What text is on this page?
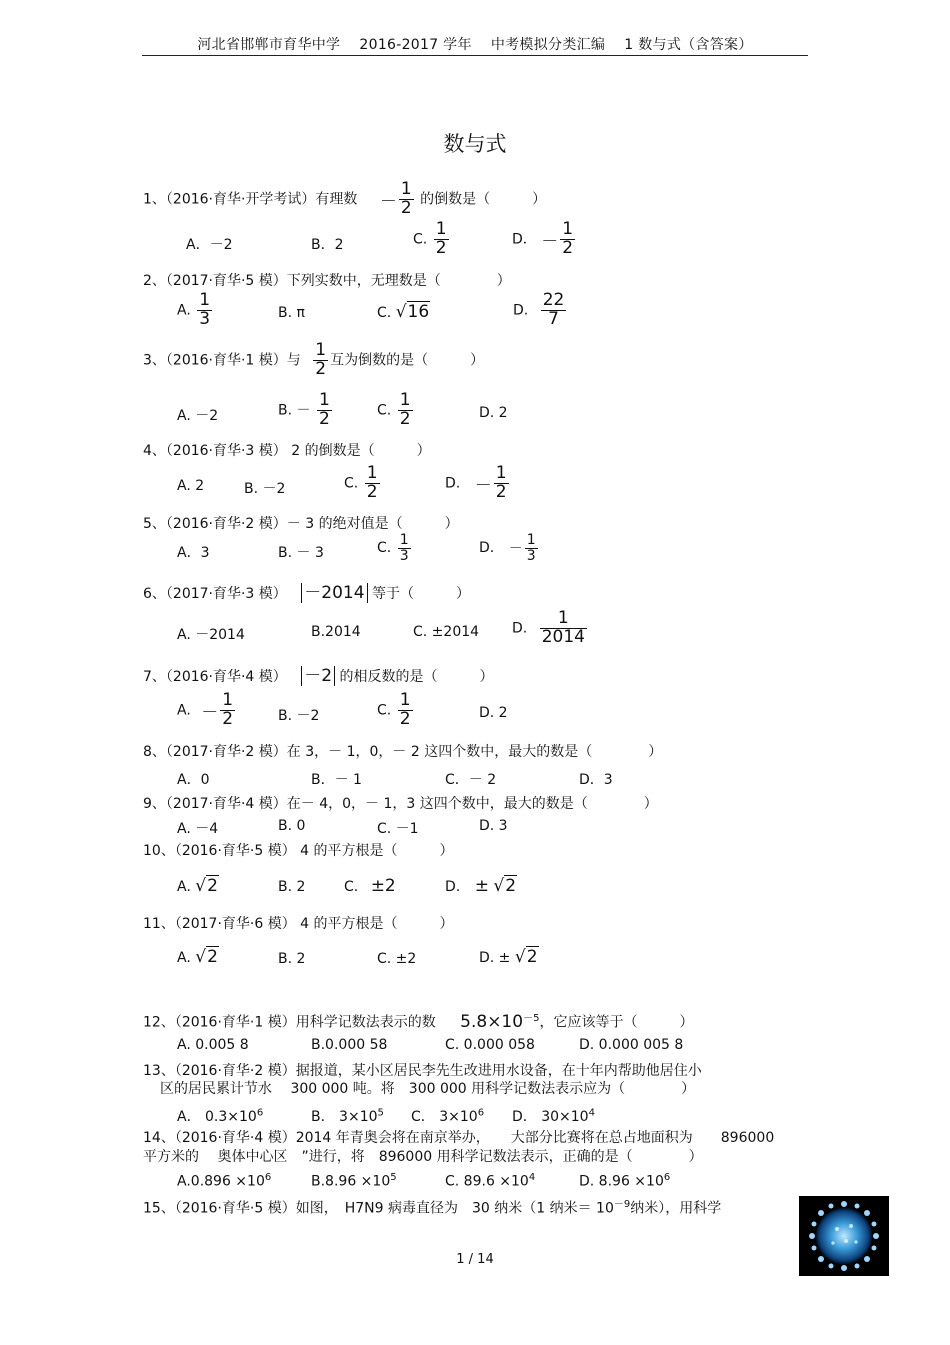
河北省邯郸市育华中学　 2016-2017 学年　 中考模拟分类汇编　 1 数与式（含答案）
数与式
1、（2016·育华·开学考试）有理数 － $\frac{1}{2}$ 的倒数是（　　　）
A．－2	B．2	C. $\frac{1}{2}$	D． － $\frac{1}{2}$
2、（2017·育华·5 模）下列实数中，无理数是（　　　　）
A. $\frac{1}{3}$	B. π	C. √16	D. $\frac{22}{7}$
3、（2016·育华·1 模）与 $\frac{1}{2}$ 互为倒数的是（　　　）
A. －2	B. － $\frac{1}{2}$	C. $\frac{1}{2}$	D. 2
4、（2016·育华·3 模） 2 的倒数是（　　　）
A. 2	B. －2	C. $\frac{1}{2}$	D. － $\frac{1}{2}$
5、（2016·育华·2 模）－ 3 的绝对值是（　　　）
A．3	B. － 3	C. $\frac{1}{3}$	D. － $\frac{1}{3}$
6、（2017·育华·3 模） －2014 等于（　　　）
A. －2014	B.2014	C. ±2014 D. $\frac{1}{2014}$
7、（2016·育华·4 模） －2 的相反数的是（　　　）
A. － $\frac{1}{2}$	B. －2	C. $\frac{1}{2}$	D. 2
8、（2017·育华·2 模）在 3，－ 1，0，－ 2 这四个数中，最大的数是（　　　　）
A．0	B．－ 1	C．－ 2	D．3
9、（2017·育华·4 模）在－ 4，0，－ 1，3 这四个数中，最大的数是（　　　　）
A. －4	B. 0	C. －1	D. 3
10、（2016·育华·5 模） 4 的平方根是（　　　）
A. √2	B. 2	C. ±2	D. ± √2
11、（2017·育华·6 模） 4 的平方根是（　　　）
A. √2	B. 2	C. ±2	D. ± √2
12、（2016·育华·1 模）用科学记数法表示的数 $5.8\times 10^{-5}$，它应该等于（　　　）
A. 0.005 8	B.0.000 58	C. 0.000 058	D. 0.000 005 8
13、（2016·育华·2 模）据报道，某小区居民李先生改进用水设备，在十年内帮助他居住小
区的居民累计节水　 300 000 吨。将　300 000 用科学记数法表示应为（　　　　）
A． $0.3\times 10^6$	B． $3\times 10^5$ C． $3\times 10^6$ D． $30\times 10^4$
14、（2016·育华·4 模）2014 年青奥会将在南京举办，　　大部分比赛将在总占地面积为　　896000
平方米的　 奥体中心区　”进行，将　896000 用科学记数法表示，正确的是（　　　　）
$A.0.896 \times 10^6$	$B.8.96 \times 10^5$	C. $89.6 \times 10^4$	D. $8.96 \times 10^6$
15、（2016·育华·5 模）如图，　H7N9 病毒直径为　30 纳米（1 纳米＝ $10^{-9}$纳米），用科学
1 / 14
